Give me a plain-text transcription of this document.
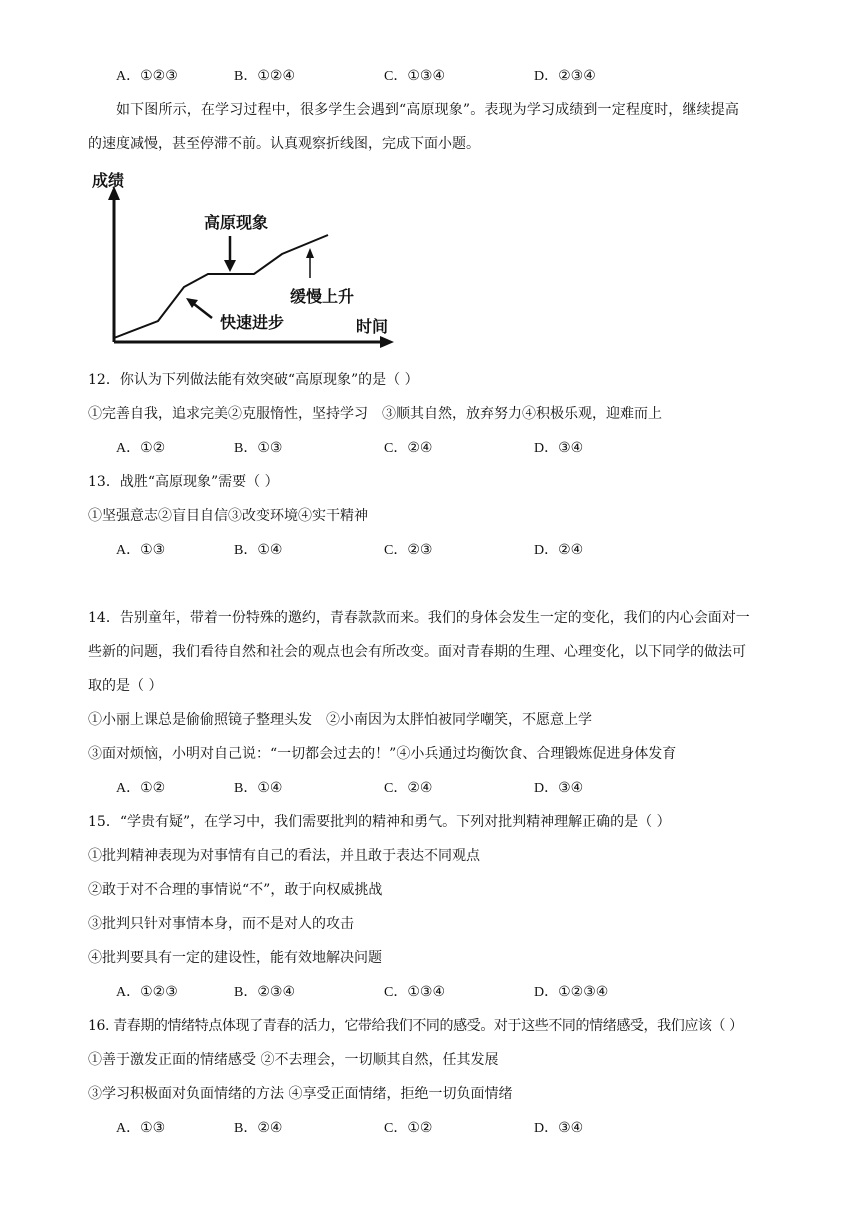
A．①②③	B．①②④	C．①③④	D．②③④
如下图所示，在学习过程中，很多学生会遇到“高原现象”。表现为学习成绩到一定程度时，继续提高
的速度减慢，甚至停滞不前。认真观察折线图，完成下面小题。
成绩
时间
高原现象
缓慢上升
快速进步
12．你认为下列做法能有效突破“高原现象”的是（ ）
①完善自我，追求完美②克服惰性，坚持学习　③顺其自然，放弃努力④积极乐观，迎难而上
A．①②	B．①③	C．②④	D．③④
13．战胜“高原现象”需要（ ）
①坚强意志②盲目自信③改变环境④实干精神
A．①③	B．①④	C．②③	D．②④
14．告别童年，带着一份特殊的邀约，青春款款而来。我们的身体会发生一定的变化，我们的内心会面对一
些新的问题，我们看待自然和社会的观点也会有所改变。面对青春期的生理、心理变化，以下同学的做法可
取的是（ ）
①小丽上课总是偷偷照镜子整理头发　②小南因为太胖怕被同学嘲笑，不愿意上学
③面对烦恼，小明对自己说：“一切都会过去的！”④小兵通过均衡饮食、合理锻炼促进身体发育
A．①②	B．①④	C．②④	D．③④
15．“学贵有疑”，在学习中，我们需要批判的精神和勇气。下列对批判精神理解正确的是（ ）
①批判精神表现为对事情有自己的看法，并且敢于表达不同观点
②敢于对不合理的事情说“不”，敢于向权威挑战
③批判只针对事情本身，而不是对人的攻击
④批判要具有一定的建设性，能有效地解决问题
A．①②③	B．②③④	C．①③④	D．①②③④
16. 青春期的情绪特点体现了青春的活力，它带给我们不同的感受。对于这些不同的情绪感受，我们应该（ ）
①善于激发正面的情绪感受 ②不去理会，一切顺其自然，任其发展
③学习积极面对负面情绪的方法 ④享受正面情绪，拒绝一切负面情绪
A．①③	B．②④	C．①②	D．③④
